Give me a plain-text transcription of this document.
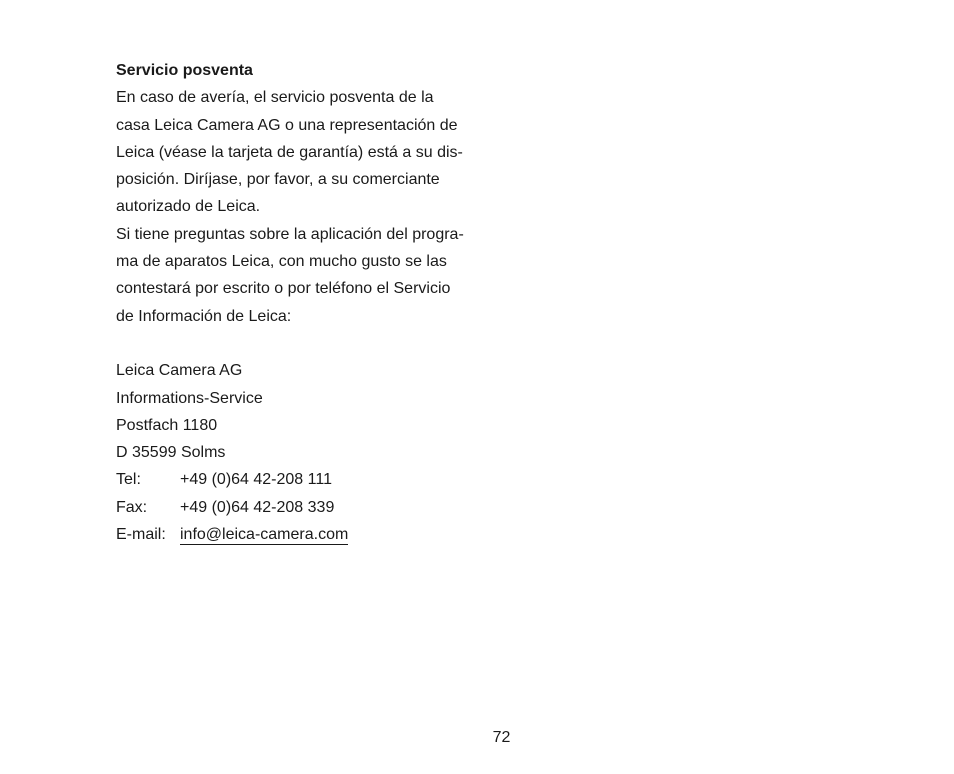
Servicio posventa
En caso de avería, el servicio posventa de la
casa Leica Camera AG o una representación de
Leica (véase la tarjeta de garantía) está a su dis-
posición. Diríjase, por favor, a su comerciante
autorizado de Leica.
Si tiene preguntas sobre la aplicación del progra-
ma de aparatos Leica, con mucho gusto se las
contestará por escrito o por teléfono el Servicio
de Información de Leica:
Leica Camera AG
Informations-Service
Postfach 1180
D 35599 Solms
Tel:	+49 (0)64 42-208 111
Fax:	+49 (0)64 42-208 339
E-mail: info@leica-camera.com
72
